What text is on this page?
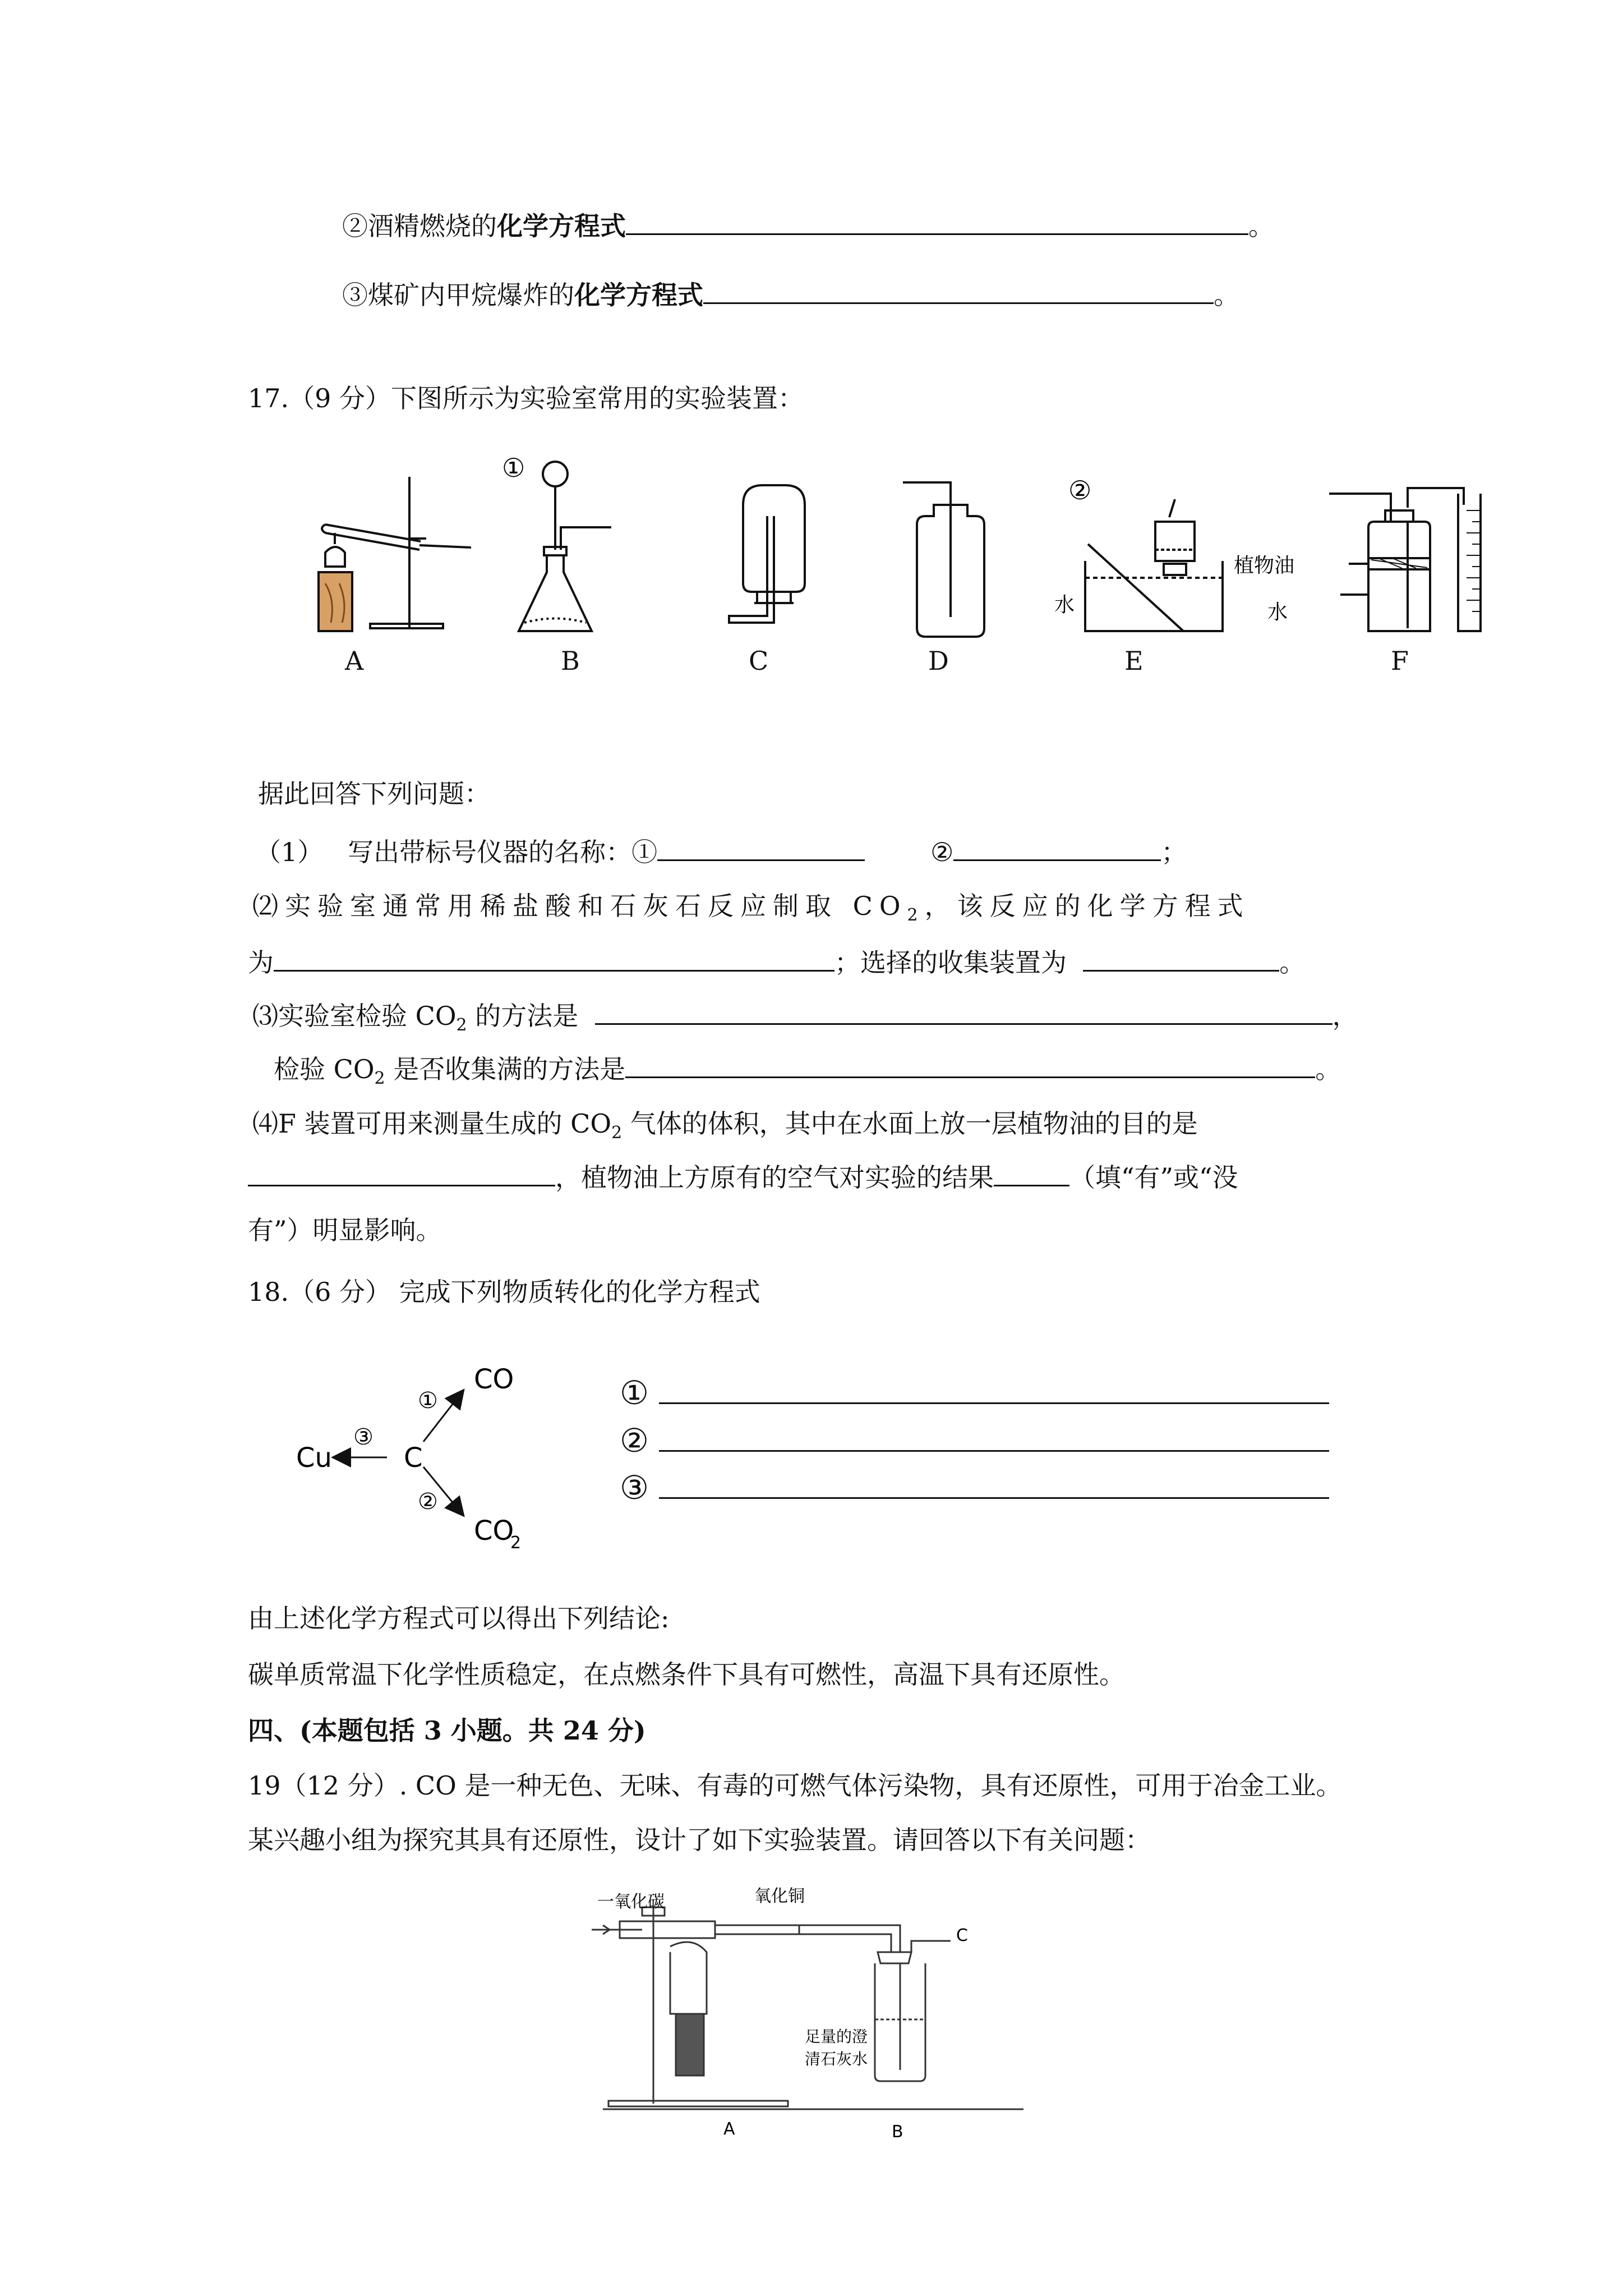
②酒精燃烧的化学方程式	。
③煤矿内甲烷爆炸的化学方程式	。
17.（9 分）下图所示为实验室常用的实验装置：
①
②
水
植物油
水
A	B	C	D	E	F
据此回答下列问题：
（1） 写出带标号仪器的名称：①	②	；
⑵实验室通常用稀盐酸和石灰石反应制取 $CO_2$，该反应的化学方程式
为	；选择的收集装置为	。
⑶实验室检验 $CO_2$ 的方法是	，
检验 $CO_2$ 是否收集满的方法是	。
⑷F 装置可用来测量生成的 $CO_2$ 气体的体积，其中在水面上放一层植物油的目的是
，植物油上方原有的空气对实验的结果	（填“有”或“没
有”）明显影响。
18.（6 分） 完成下列物质转化的化学方程式
Cu	C
CO
CO
2
①
②
③
①
②
③
由上述化学方程式可以得出下列结论:
碳单质常温下化学性质稳定，在点燃条件下具有可燃性，高温下具有还原性。
四、(本题包括 3 小题。共 24 分)
19（12 分）. CO 是一种无色、无味、有毒的可燃气体污染物，具有还原性，可用于冶金工业。
某兴趣小组为探究其具有还原性，设计了如下实验装置。请回答以下有关问题：
一氧化碳	氧化铜
C
足量的澄
清石灰水
A	B
